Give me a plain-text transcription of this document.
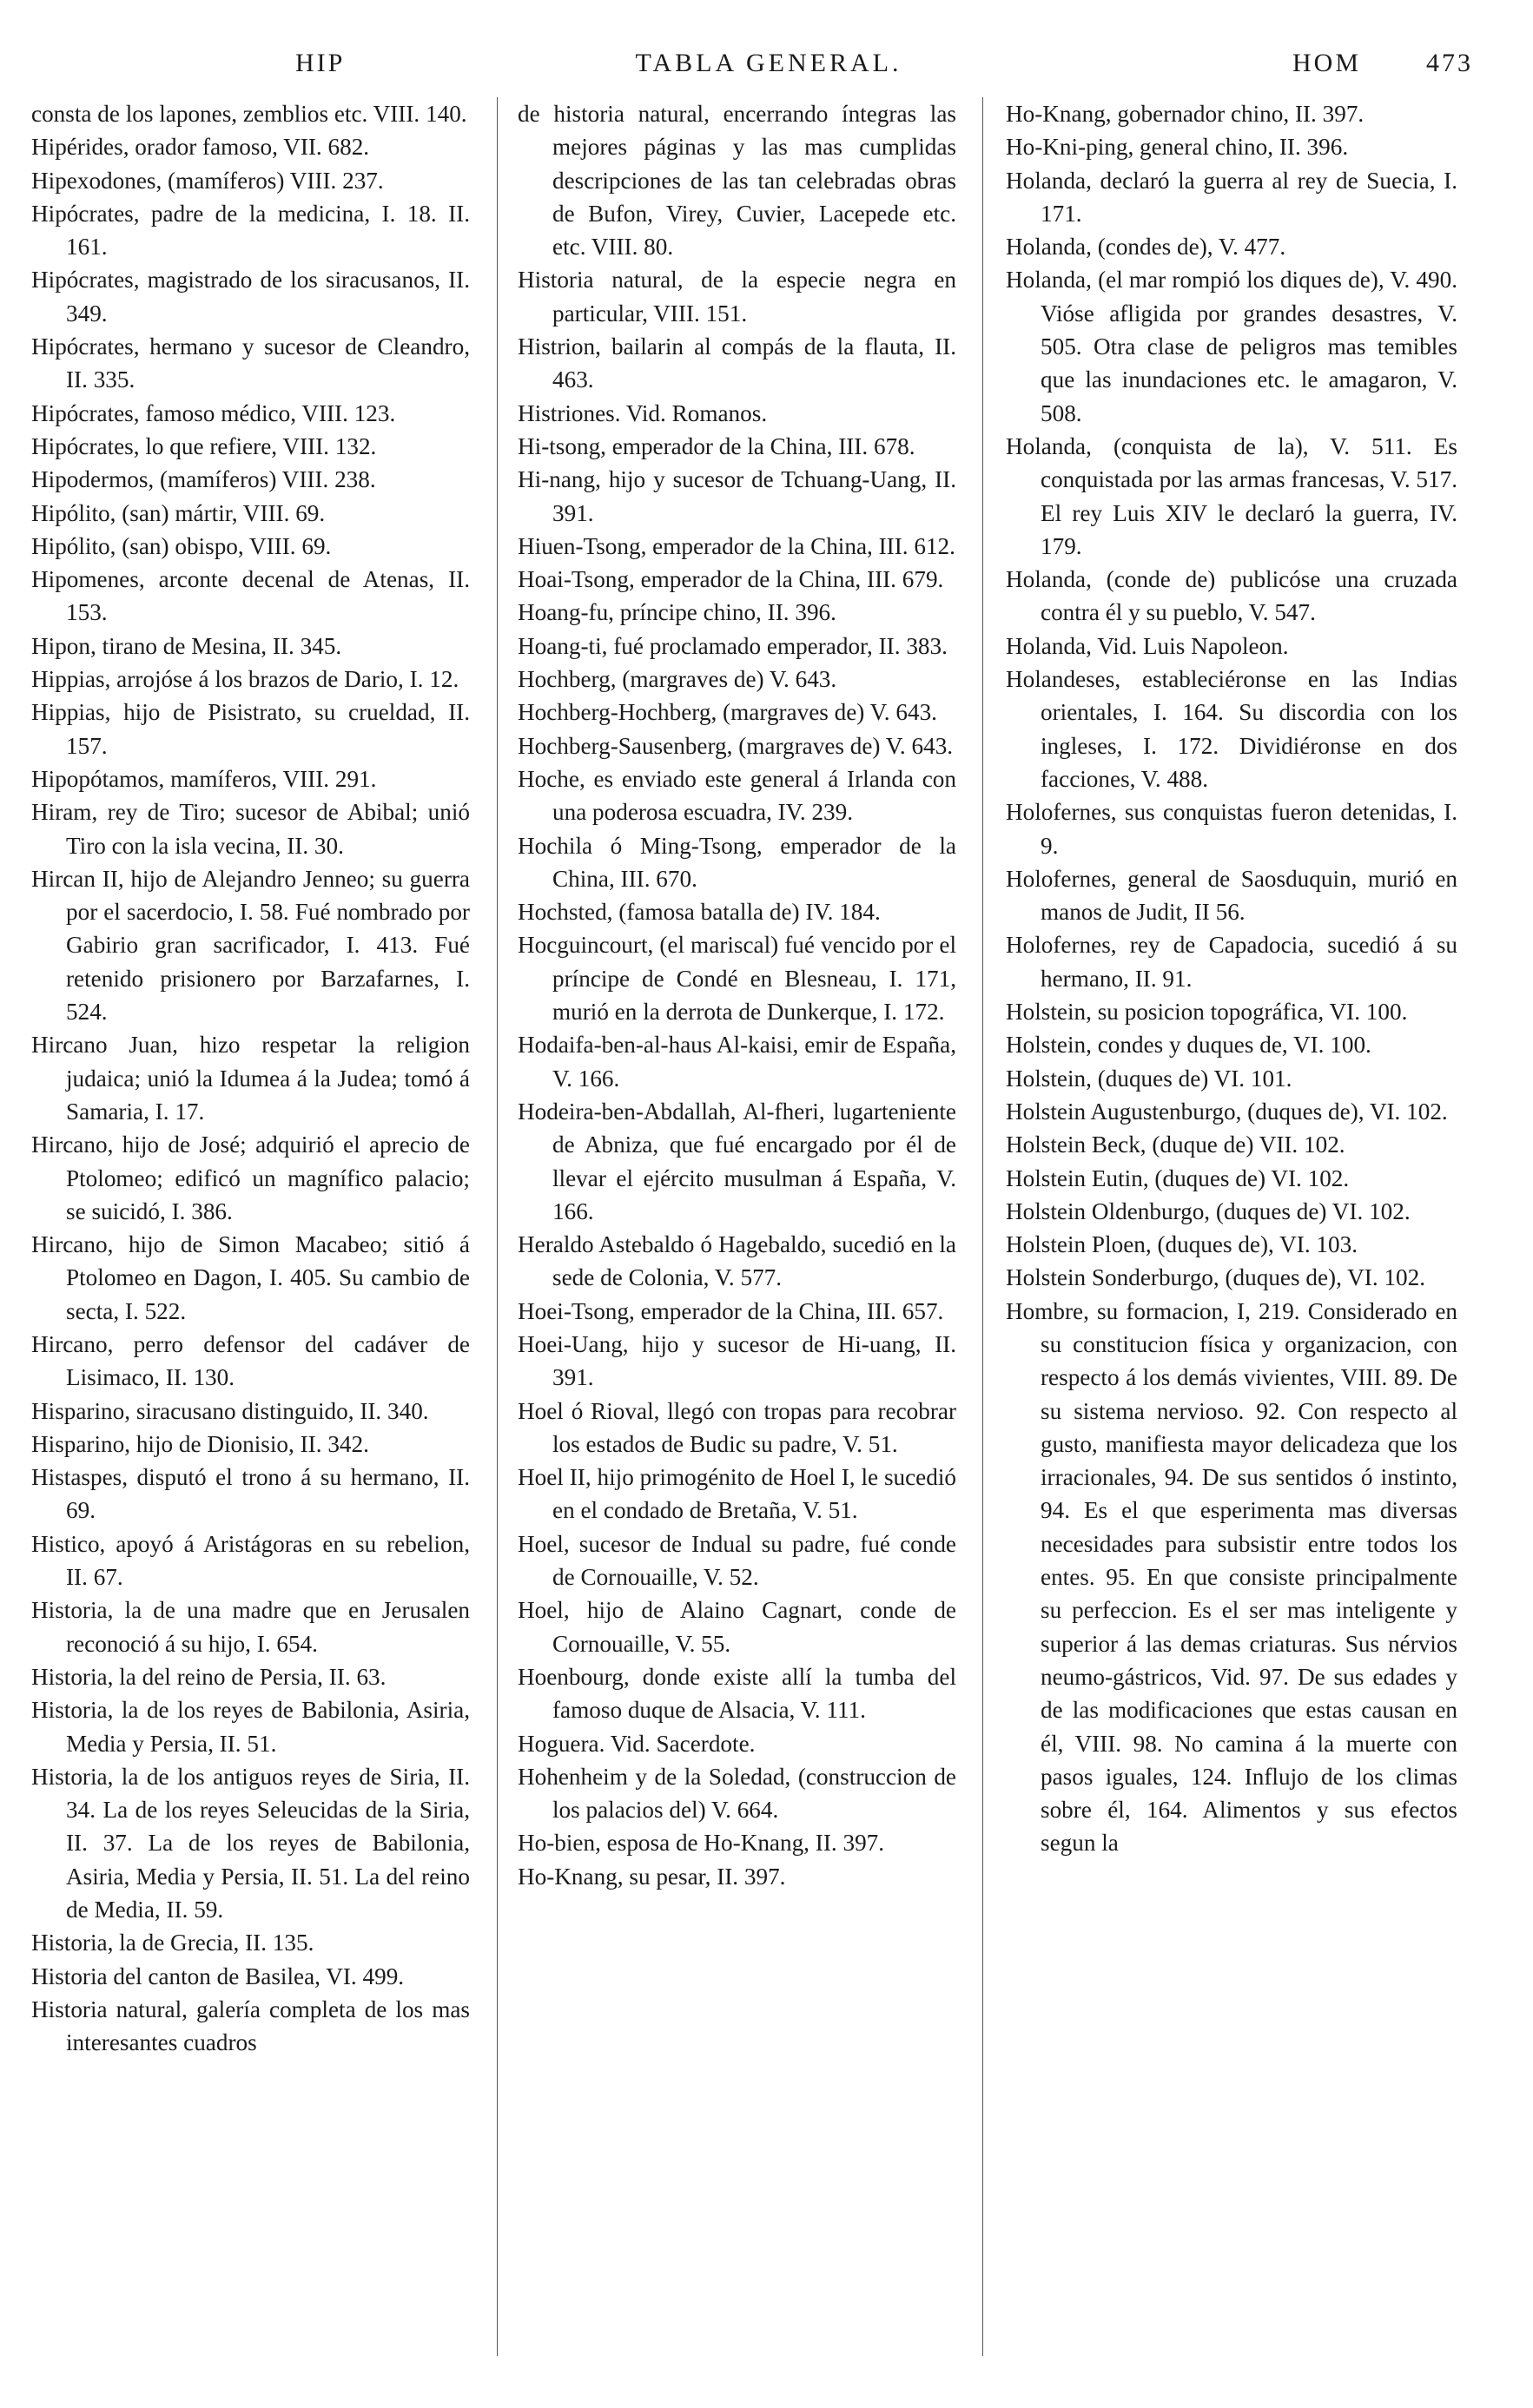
HIP	TABLA GENERAL.	HOM 473

consta de los lapones, zemblios etc. VIII. 140.

Hipérides, orador famoso, VII. 682.

Hipexodones, (mamíferos) VIII. 237.

Hipócrates, padre de la medicina, I. 18. II. 161.

Hipócrates, magistrado de los siracusanos, II. 349.

Hipócrates, hermano y sucesor de Cleandro, II. 335.

Hipócrates, famoso médico, VIII. 123.

Hipócrates, lo que refiere, VIII. 132.

Hipodermos, (mamíferos) VIII. 238.

Hipólito, (san) mártir, VIII. 69.

Hipólito, (san) obispo, VIII. 69.

Hipomenes, arconte decenal de Atenas, II. 153.

Hipon, tirano de Mesina, II. 345.

Hippias, arrojóse á los brazos de Dario, I. 12.

Hippias, hijo de Pisistrato, su crueldad, II. 157.

Hipopótamos, mamíferos, VIII. 291.

Hiram, rey de Tiro; sucesor de Abibal; unió Tiro con la isla vecina, II. 30.

Hircan II, hijo de Alejandro Jenneo; su guerra por el sacerdocio, I. 58. Fué nombrado por Gabirio gran sacrificador, I. 413. Fué retenido prisionero por Barzafarnes, I. 524.

Hircano Juan, hizo respetar la religion judaica; unió la Idumea á la Judea; tomó á Samaria, I. 17.

Hircano, hijo de José; adquirió el aprecio de Ptolomeo; edificó un magnífico palacio; se suicidó, I. 386.

Hircano, hijo de Simon Macabeo; sitió á Ptolomeo en Dagon, I. 405. Su cambio de secta, I. 522.

Hircano, perro defensor del cadáver de Lisimaco, II. 130.

Hisparino, siracusano distinguido, II. 340.

Hisparino, hijo de Dionisio, II. 342.

Histaspes, disputó el trono á su hermano, II. 69.

Histico, apoyó á Aristágoras en su rebelion, II. 67.

Historia, la de una madre que en Jerusalen reconoció á su hijo, I. 654.

Historia, la del reino de Persia, II. 63.

Historia, la de los reyes de Babilonia, Asiria, Media y Persia, II. 51.

Historia, la de los antiguos reyes de Siria, II. 34. La de los reyes Seleucidas de la Siria, II. 37. La de los reyes de Babilonia, Asiria, Media y Persia, II. 51. La del reino de Media, II. 59.

Historia, la de Grecia, II. 135.

Historia del canton de Basilea, VI. 499.

Historia natural, galería completa de los mas interesantes cuadros

de historia natural, encerrando íntegras las mejores páginas y las mas cumplidas descripciones de las tan celebradas obras de Bufon, Virey, Cuvier, Lacepede etc. etc. VIII. 80.

Historia natural, de la especie negra en particular, VIII. 151.

Histrion, bailarin al compás de la flauta, II. 463.

Histriones. Vid. Romanos.

Hi-tsong, emperador de la China, III. 678.

Hi-nang, hijo y sucesor de Tchuang-Uang, II. 391.

Hiuen-Tsong, emperador de la China, III. 612.

Hoai-Tsong, emperador de la China, III. 679.

Hoang-fu, príncipe chino, II. 396.

Hoang-ti, fué proclamado emperador, II. 383.

Hochberg, (margraves de) V. 643.

Hochberg-Hochberg, (margraves de) V. 643.

Hochberg-Sausenberg, (margraves de) V. 643.

Hoche, es enviado este general á Irlanda con una poderosa escuadra, IV. 239.

Hochila ó Ming-Tsong, emperador de la China, III. 670.

Hochsted, (famosa batalla de) IV. 184.

Hocguincourt, (el mariscal) fué vencido por el príncipe de Condé en Blesneau, I. 171, murió en la derrota de Dunkerque, I. 172.

Hodaifa-ben-al-haus Al-kaisi, emir de España, V. 166.

Hodeira-ben-Abdallah, Al-fheri, lugarteniente de Abniza, que fué encargado por él de llevar el ejército musulman á España, V. 166.

Heraldo Astebaldo ó Hagebaldo, sucedió en la sede de Colonia, V. 577.

Hoei-Tsong, emperador de la China, III. 657.

Hoei-Uang, hijo y sucesor de Hi-uang, II. 391.

Hoel ó Rioval, llegó con tropas para recobrar los estados de Budic su padre, V. 51.

Hoel II, hijo primogénito de Hoel I, le sucedió en el condado de Bretaña, V. 51.

Hoel, sucesor de Indual su padre, fué conde de Cornouaille, V. 52.

Hoel, hijo de Alaino Cagnart, conde de Cornouaille, V. 55.

Hoenbourg, donde existe allí la tumba del famoso duque de Alsacia, V. 111.

Hoguera. Vid. Sacerdote.

Hohenheim y de la Soledad, (construccion de los palacios del) V. 664.

Ho-bien, esposa de Ho-Knang, II. 397.

Ho-Knang, su pesar, II. 397.

Ho-Knang, gobernador chino, II. 397.

Ho-Kni-ping, general chino, II. 396.

Holanda, declaró la guerra al rey de Suecia, I. 171.

Holanda, (condes de), V. 477.

Holanda, (el mar rompió los diques de), V. 490. Vióse afligida por grandes desastres, V. 505. Otra clase de peligros mas temibles que las inundaciones etc. le amagaron, V. 508.

Holanda, (conquista de la), V. 511. Es conquistada por las armas francesas, V. 517. El rey Luis XIV le declaró la guerra, IV. 179.

Holanda, (conde de) publicóse una cruzada contra él y su pueblo, V. 547.

Holanda, Vid. Luis Napoleon.

Holandeses, estableciéronse en las Indias orientales, I. 164. Su discordia con los ingleses, I. 172. Dividiéronse en dos facciones, V. 488.

Holofernes, sus conquistas fueron detenidas, I. 9.

Holofernes, general de Saosduquin, murió en manos de Judit, II 56.

Holofernes, rey de Capadocia, sucedió á su hermano, II. 91.

Holstein, su posicion topográfica, VI. 100.

Holstein, condes y duques de, VI. 100.

Holstein, (duques de) VI. 101.

Holstein Augustenburgo, (duques de), VI. 102.

Holstein Beck, (duque de) VII. 102.

Holstein Eutin, (duques de) VI. 102.

Holstein Oldenburgo, (duques de) VI. 102.

Holstein Ploen, (duques de), VI. 103.

Holstein Sonderburgo, (duques de), VI. 102.

Hombre, su formacion, I, 219. Considerado en su constitucion física y organizacion, con respecto á los demás vivientes, VIII. 89. De su sistema nervioso. 92. Con respecto al gusto, manifiesta mayor delicadeza que los irracionales, 94. De sus sentidos ó instinto, 94. Es el que esperimenta mas diversas necesidades para subsistir entre todos los entes. 95. En que consiste principalmente su perfeccion. Es el ser mas inteligente y superior á las demas criaturas. Sus nérvios neumo-gástricos, Vid. 97. De sus edades y de las modificaciones que estas causan en él, VIII. 98. No camina á la muerte con pasos iguales, 124. Influjo de los climas sobre él, 164. Alimentos y sus efectos segun la
